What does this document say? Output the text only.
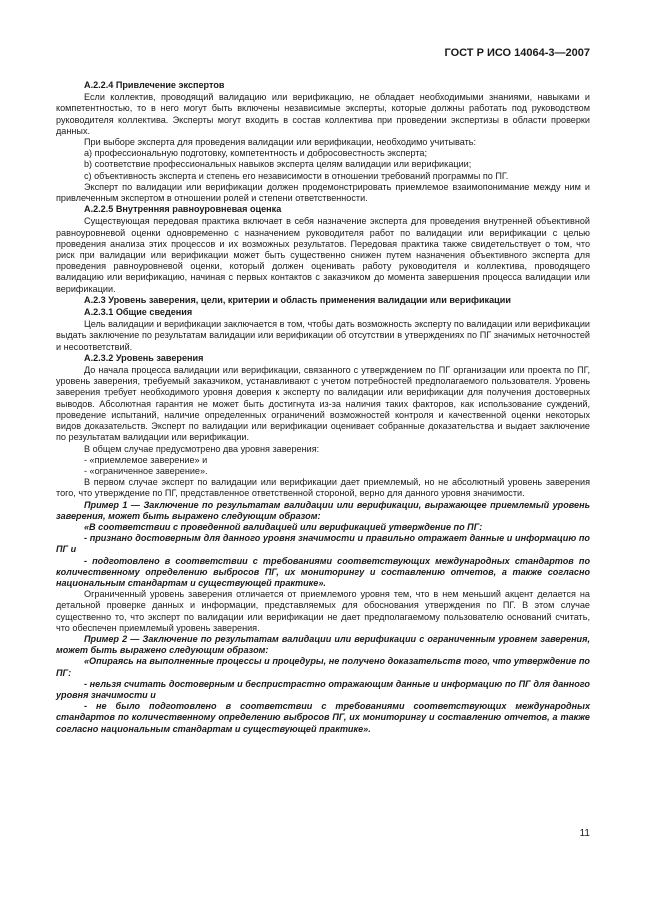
ГОСТ Р ИСО 14064-3—2007

А.2.2.4 Привлечение экспертов

Если коллектив, проводящий валидацию или верификацию, не обладает необходимыми знаниями, навыками и компетентностью, то в него могут быть включены независимые эксперты, которые должны работать под руководством руководителя коллектива. Эксперты могут входить в состав коллектива при проведении экспертизы в области проверки данных.

При выборе эксперта для проведения валидации или верификации, необходимо учитывать:

а) профессиональную подготовку, компетентность и добросовестность эксперта;

b) соответствие профессиональных навыков эксперта целям валидации или верификации;

с) объективность эксперта и степень его независимости в отношении требований программы по ПГ.

Эксперт по валидации или верификации должен продемонстрировать приемлемое взаимопонимание между ним и привлеченным экспертом в отношении ролей и степени ответственности.

А.2.2.5 Внутренняя равноуровневая оценка

Существующая передовая практика включает в себя назначение эксперта для проведения внутренней объективной равноуровневой оценки одновременно с назначением руководителя работ по валидации или верификации с целью проведения анализа этих процессов и их возможных результатов. Передовая практика также свидетельствует о том, что риск при валидации или верификации может быть существенно снижен путем назначения объективного эксперта для проведения равноуровневой оценки, который должен оценивать работу руководителя и коллектива, проводящего валидацию или верификацию, начиная с первых контактов с заказчиком до момента завершения процесса валидации или верификации.

А.2.3 Уровень заверения, цели, критерии и область применения валидации или верификации

А.2.3.1 Общие сведения

Цель валидации и верификации заключается в том, чтобы дать возможность эксперту по валидации или верификации выдать заключение по результатам валидации или верификации об отсутствии в утверждениях по ПГ значимых неточностей и несоответствий.

А.2.3.2 Уровень заверения

До начала процесса валидации или верификации, связанного с утверждением по ПГ организации или проекта по ПГ, уровень заверения, требуемый заказчиком, устанавливают с учетом потребностей предполагаемого пользователя. Уровень заверения требует необходимого уровня доверия к эксперту по валидации или верификации для получения достоверных выводов. Абсолютная гарантия не может быть достигнута из-за наличия таких факторов, как использование суждений, проведение испытаний, наличие определенных ограничений возможностей контроля и качественной оценки некоторых видов доказательств. Эксперт по валидации или верификации оценивает собранные доказательства и выдает заключение по результатам валидации или верификации.

В общем случае предусмотрено два уровня заверения:

- «приемлемое заверение» и

- «ограниченное заверение».

В первом случае эксперт по валидации или верификации дает приемлемый, но не абсолютный уровень заверения того, что утверждение по ПГ, представленное ответственной стороной, верно для данного уровня значимости.

Пример 1 — Заключение по результатам валидации или верификации, выражающее приемлемый уровень заверения, может быть выражено следующим образом:

«В соответствии с проведенной валидацией или верификацией утверждение по ПГ:

- признано достоверным для данного уровня значимости и правильно отражает данные и информацию по ПГ и

- подготовлено в соответствии с требованиями соответствующих международных стандартов по количественному определению выбросов ПГ, их мониторингу и составлению отчетов, а также согласно национальным стандартам и существующей практике».

Ограниченный уровень заверения отличается от приемлемого уровня тем, что в нем меньший акцент делается на детальной проверке данных и информации, представляемых для обоснования утверждения по ПГ. В этом случае существенно то, что эксперт по валидации или верификации не дает предполагаемому пользователю оснований считать, что обеспечен приемлемый уровень заверения.

Пример 2 — Заключение по результатам валидации или верификации с ограниченным уровнем заверения, может быть выражено следующим образом:

«Опираясь на выполненные процессы и процедуры, не получено доказательств того, что утверждение по ПГ:

- нельзя считать достоверным и беспристрастно отражающим данные и информацию по ПГ для данного уровня значимости и

- не было подготовлено в соответствии с требованиями соответствующих международных стандартов по количественному определению выбросов ПГ, их мониторингу и составлению отчетов, а также согласно национальным стандартам и существующей практике».

11
